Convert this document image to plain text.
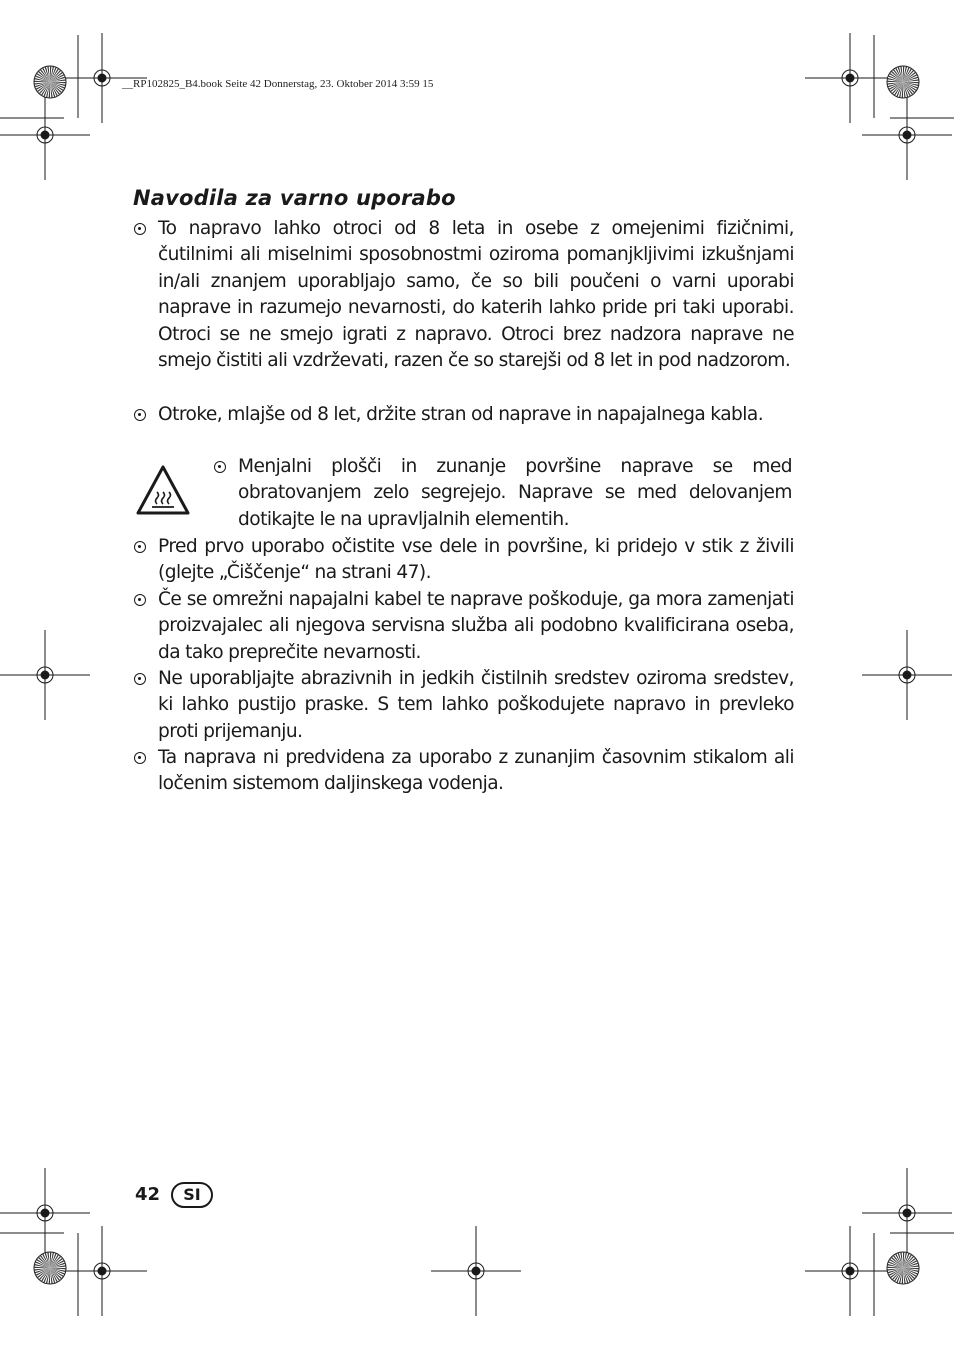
__RP102825_B4.book Seite 42 Donnerstag, 23. Oktober 2014 3:59 15
Navodila za varno uporabo

To napravo lahko otroci od 8 leta in osebe z omejenimi fizičnimi, čutilnimi ali miselnimi sposobnostmi oziroma pomanjkljivimi izkušnjami in/ali znanjem uporabljajo samo, če so bili poučeni o varni uporabi naprave in razumejo nevarnosti, do katerih lahko pride pri taki uporabi. Otroci se ne smejo igrati z napravo. Otroci brez nadzora naprave ne smejo čistiti ali vzdrževati, razen če so starejši od 8 let in pod nadzorom.

Otroke, mlajše od 8 let, držite stran od naprave in napajalnega kabla.

Menjalni plošči in zunanje površine naprave se med obratovanjem zelo segrejejo. Naprave se med delovanjem dotikajte le na upravljalnih elementih.

Pred prvo uporabo očistite vse dele in površine, ki pridejo v stik z živili (glejte „Čiščenje“ na strani 47).

Če se omrežni napajalni kabel te naprave poškoduje, ga mora zamenjati proizvajalec ali njegova servisna služba ali podobno kvalificirana oseba, da tako preprečite nevarnosti.

Ne uporabljajte abrazivnih in jedkih čistilnih sredstev oziroma sredstev, ki lahko pustijo praske. S tem lahko poškodujete napravo in prevleko proti prijemanju.

Ta naprava ni predvidena za uporabo z zunanjim časovnim stikalom ali ločenim sistemom daljinskega vodenja.

42	SI
